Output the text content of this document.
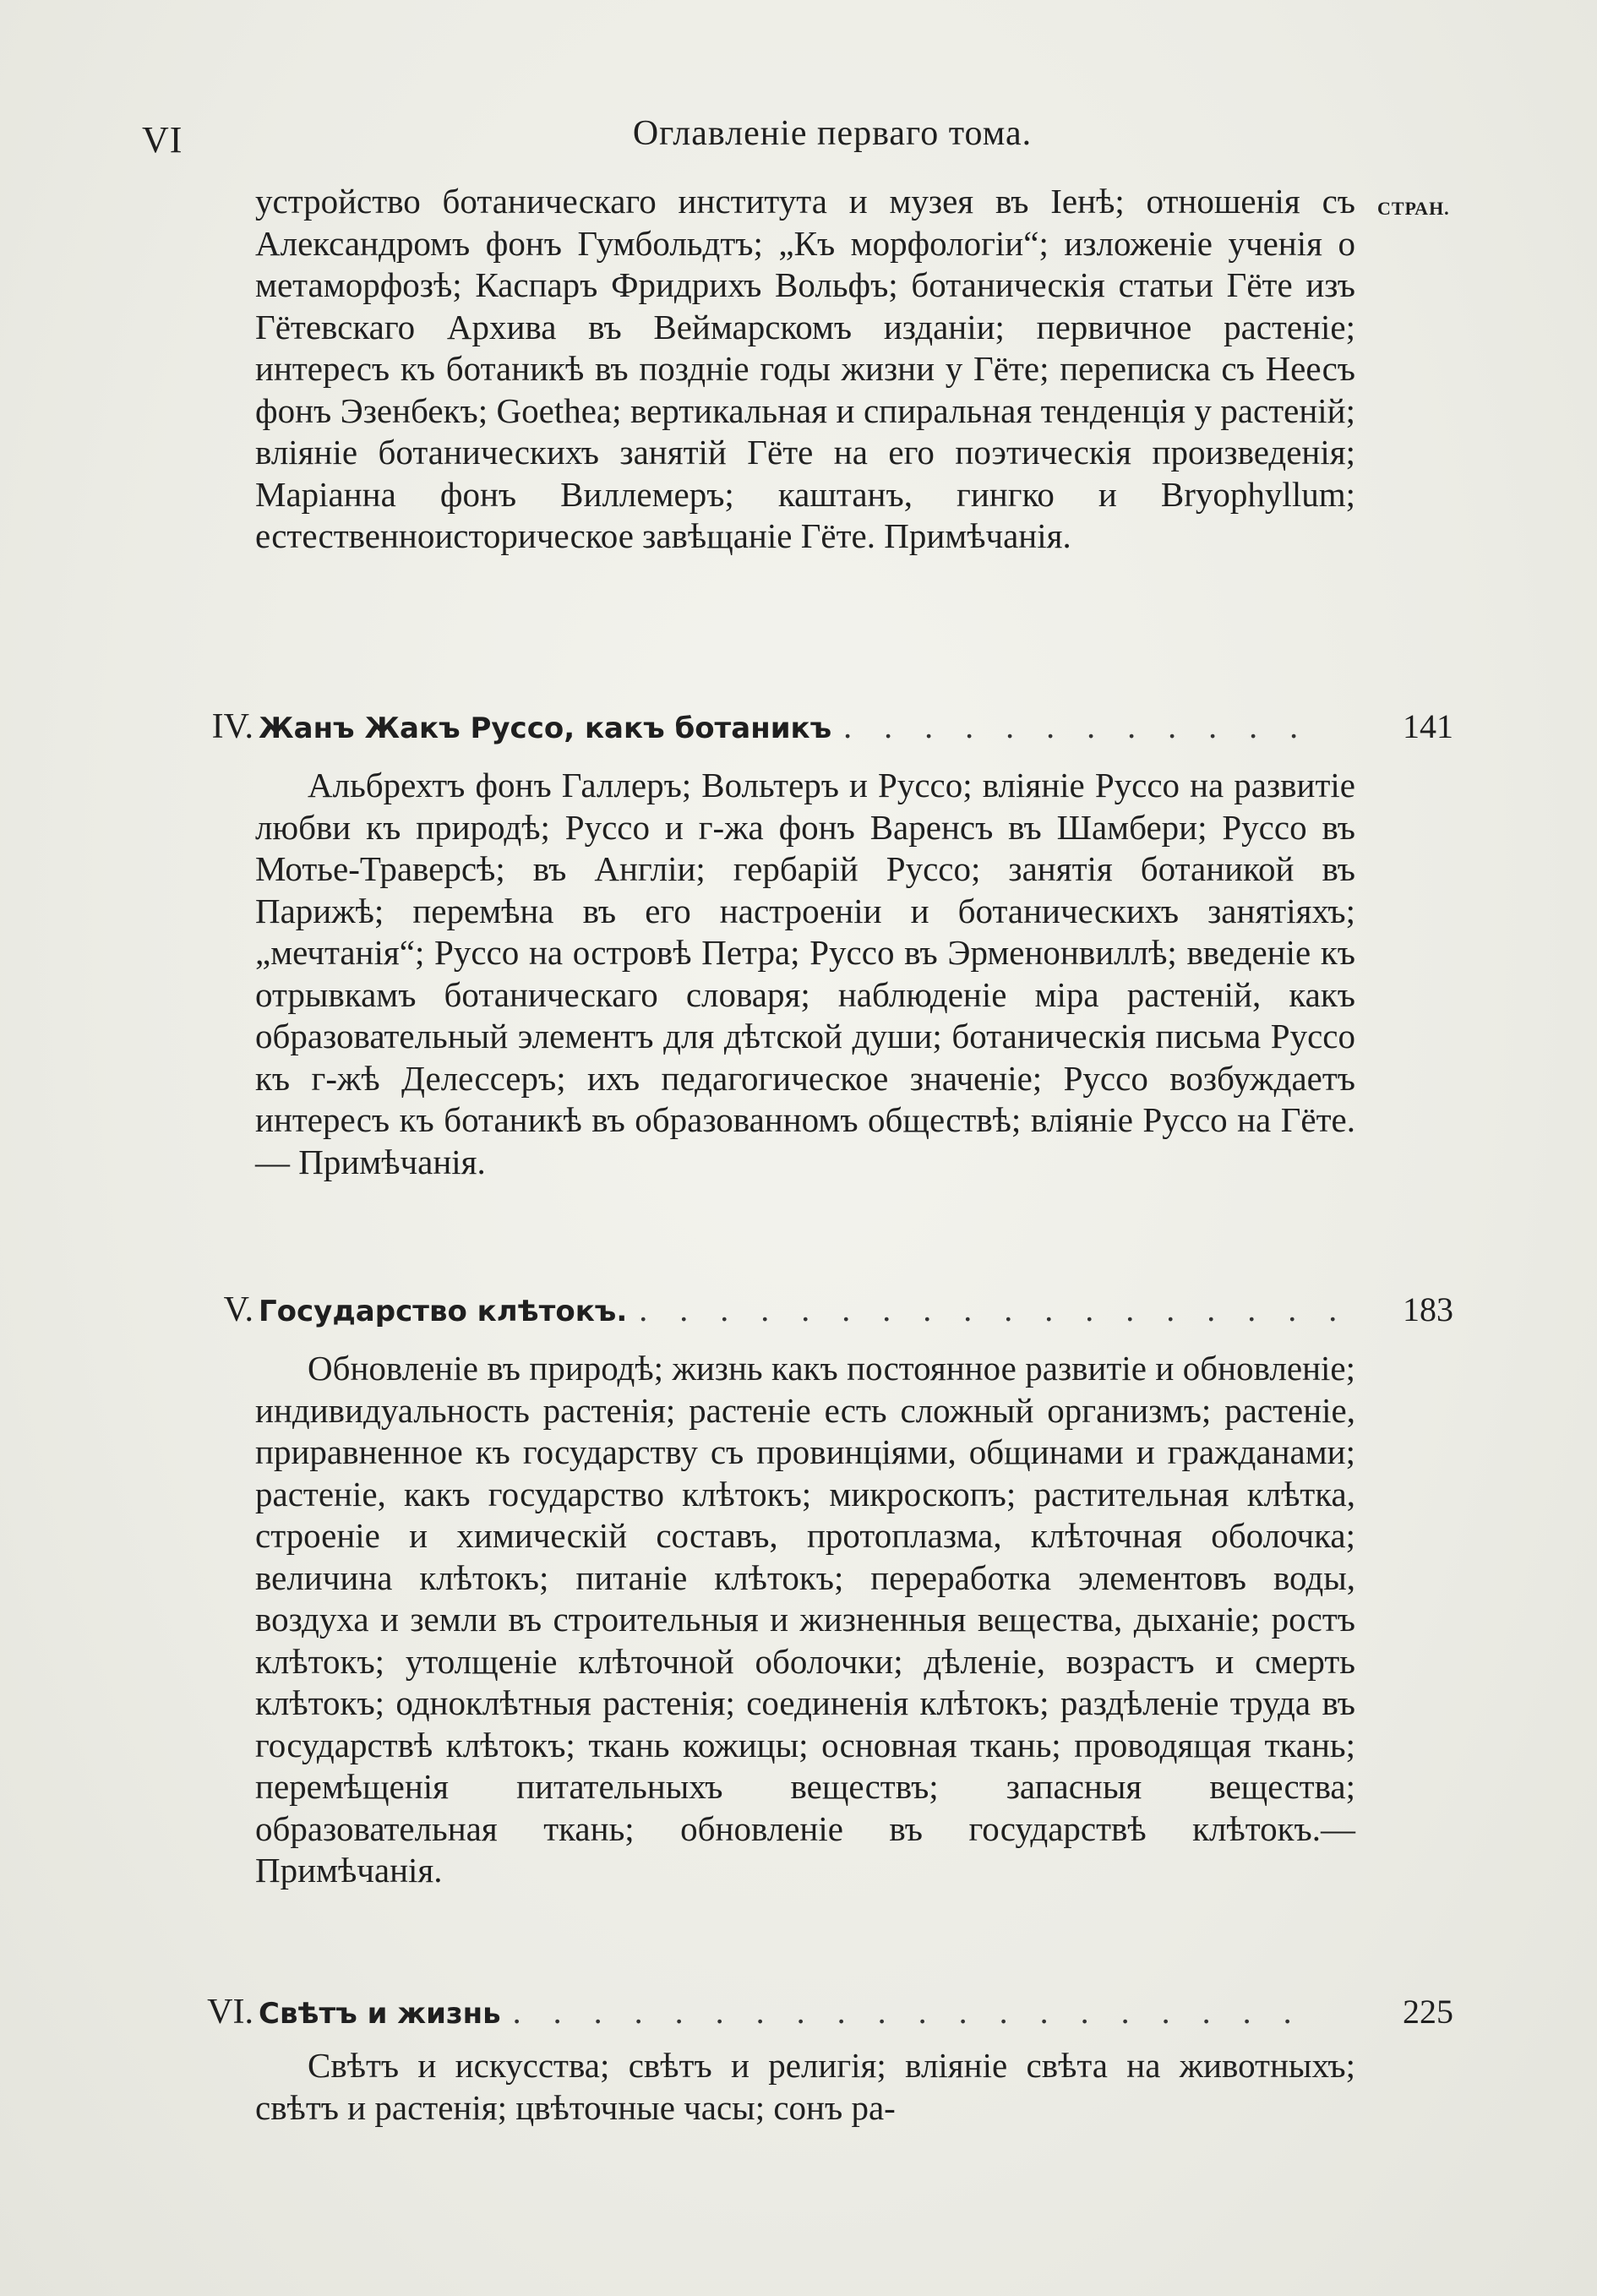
VI	Оглавленіе перваго тома.
СТРАН.
устройство ботаническаго института и музея въ Іенѣ; отношенія съ Александромъ фонъ Гумбольдтъ; „Къ морфологіи“; изложеніе ученія о метаморфозѣ; Каспаръ Фридрихъ Вольфъ; ботаническія статьи Гёте изъ Гётевскаго Архива въ Веймарскомъ изданіи; первичное растеніе; интересъ къ ботаникѣ въ поздніе годы жизни у Гёте; переписка съ Неесъ фонъ Эзенбекъ; Goethea; вертикальная и спиральная тенденція у растеній; вліяніе ботаническихъ занятій Гёте на его поэтическія произведенія; Маріанна фонъ Виллемеръ; каштанъ, гингко и Bryophyllum; естественноисторическое завѣщаніе Гёте. Примѣчанія.
IV. Жанъ Жакъ Руссо, какъ ботаникъ . . . . . . . . . . . .	141
Альбрехтъ фонъ Галлеръ; Вольтеръ и Руссо; вліяніе Руссо на развитіе любви къ природѣ; Руссо и г-жа фонъ Варенсъ въ Шамбери; Руссо въ Мотье-Траверсѣ; въ Англіи; гербарій Руссо; занятія ботаникой въ Парижѣ; перемѣна въ его настроеніи и ботаническихъ занятіяхъ; „мечтанія“; Руссо на островѣ Петра; Руссо въ Эрменонвиллѣ; введеніе къ отрывкамъ ботаническаго словаря; наблюденіе міра растеній, какъ образовательный элементъ для дѣтской души; ботаническія письма Руссо къ г-жѣ Делессеръ; ихъ педагогическое значеніе; Руссо возбуждаетъ интересъ къ ботаникѣ въ образованномъ обществѣ; вліяніе Руссо на Гёте. — Примѣчанія.
V. Государство клѣтокъ. . . . . . . . . . . . . . . . . . .	183
Обновленіе въ природѣ; жизнь какъ постоянное развитіе и обновленіе; индивидуальность растенія; растеніе есть сложный организмъ; растеніе, приравненное къ государству съ провинціями, общинами и гражданами; растеніе, какъ государство клѣтокъ; микроскопъ; растительная клѣтка, строеніе и химическій составъ, протоплазма, клѣточная оболочка; величина клѣтокъ; питаніе клѣтокъ; переработка элементовъ воды, воздуха и земли въ строительныя и жизненныя вещества, дыханіе; ростъ клѣтокъ; утолщеніе клѣточной оболочки; дѣленіе, возрастъ и смерть клѣтокъ; одноклѣтныя растенія; соединенія клѣтокъ; раздѣленіе труда въ государствѣ клѣтокъ; ткань кожицы; основная ткань; проводящая ткань; перемѣщенія питательныхъ веществъ; запасныя вещества; образовательная ткань; обновленіе въ государствѣ клѣтокъ.—Примѣчанія.
VI. Свѣтъ и жизнь . . . . . . . . . . . . . . . . . . . .	225
Свѣтъ и искусства; свѣтъ и религія; вліяніе свѣта на животныхъ; свѣтъ и растенія; цвѣточные часы; сонъ ра-
